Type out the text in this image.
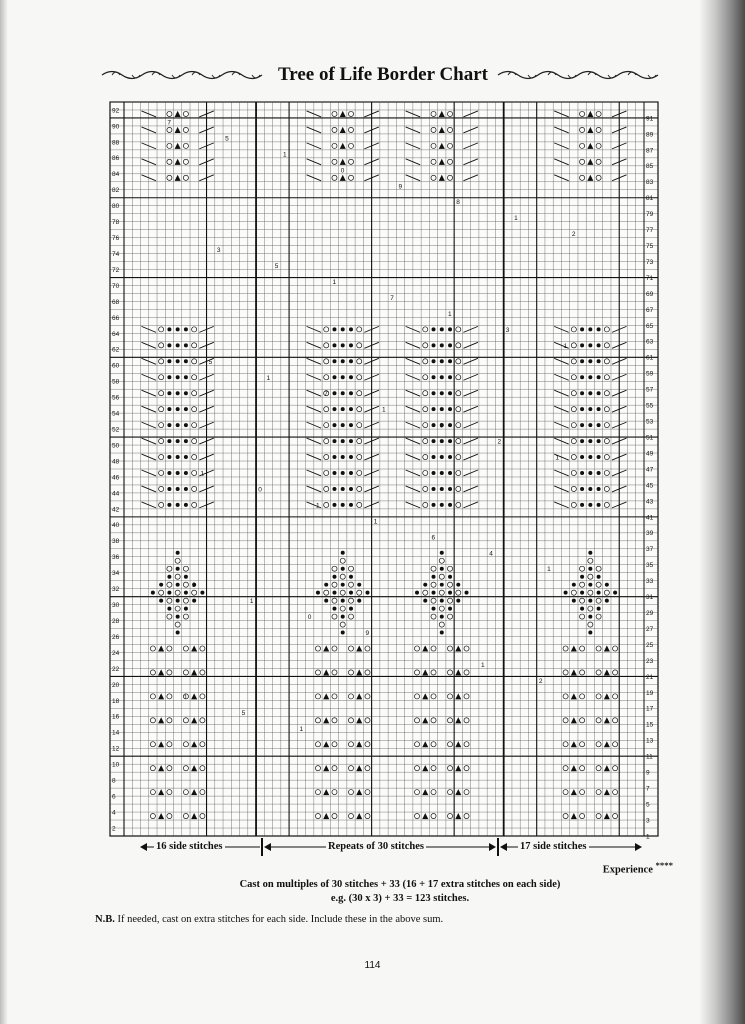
Tree of Life Border Chart
92
90
88
86
84
82
80
78
76
74
72
70
68
66
64
62
60
58
56
54
52
50
48
46
44
42
40
38
36
34
32
30
28
26
24
22
20
18
16
14
12
10
8
6
4
2
91
89
87
85
83
81
79
77
75
73
71
69
67
65
63
61
59
57
55
53
51
49
47
45
43
41
39
37
35
33
31
29
27
25
23
21
19
17
15
13
11
9
7
5
3
1
7
5
1
0
9
8
1
2
3
5
1
7
1
3
1
5
1
7
1
9
2
1
1
0
1
1
6
4
1
3
1
0
9
1
1
2
1
5
1
3
16 side stitches	Repeats of 30 stitches	17 side stitches
Experience ****
Cast on multiples of 30 stitches + 33 (16 + 17 extra stitches on each side)
e.g. (30 x 3) + 33 = 123 stitches.
N.B. If needed, cast on extra stitches for each side. Include these in the above sum.
114
